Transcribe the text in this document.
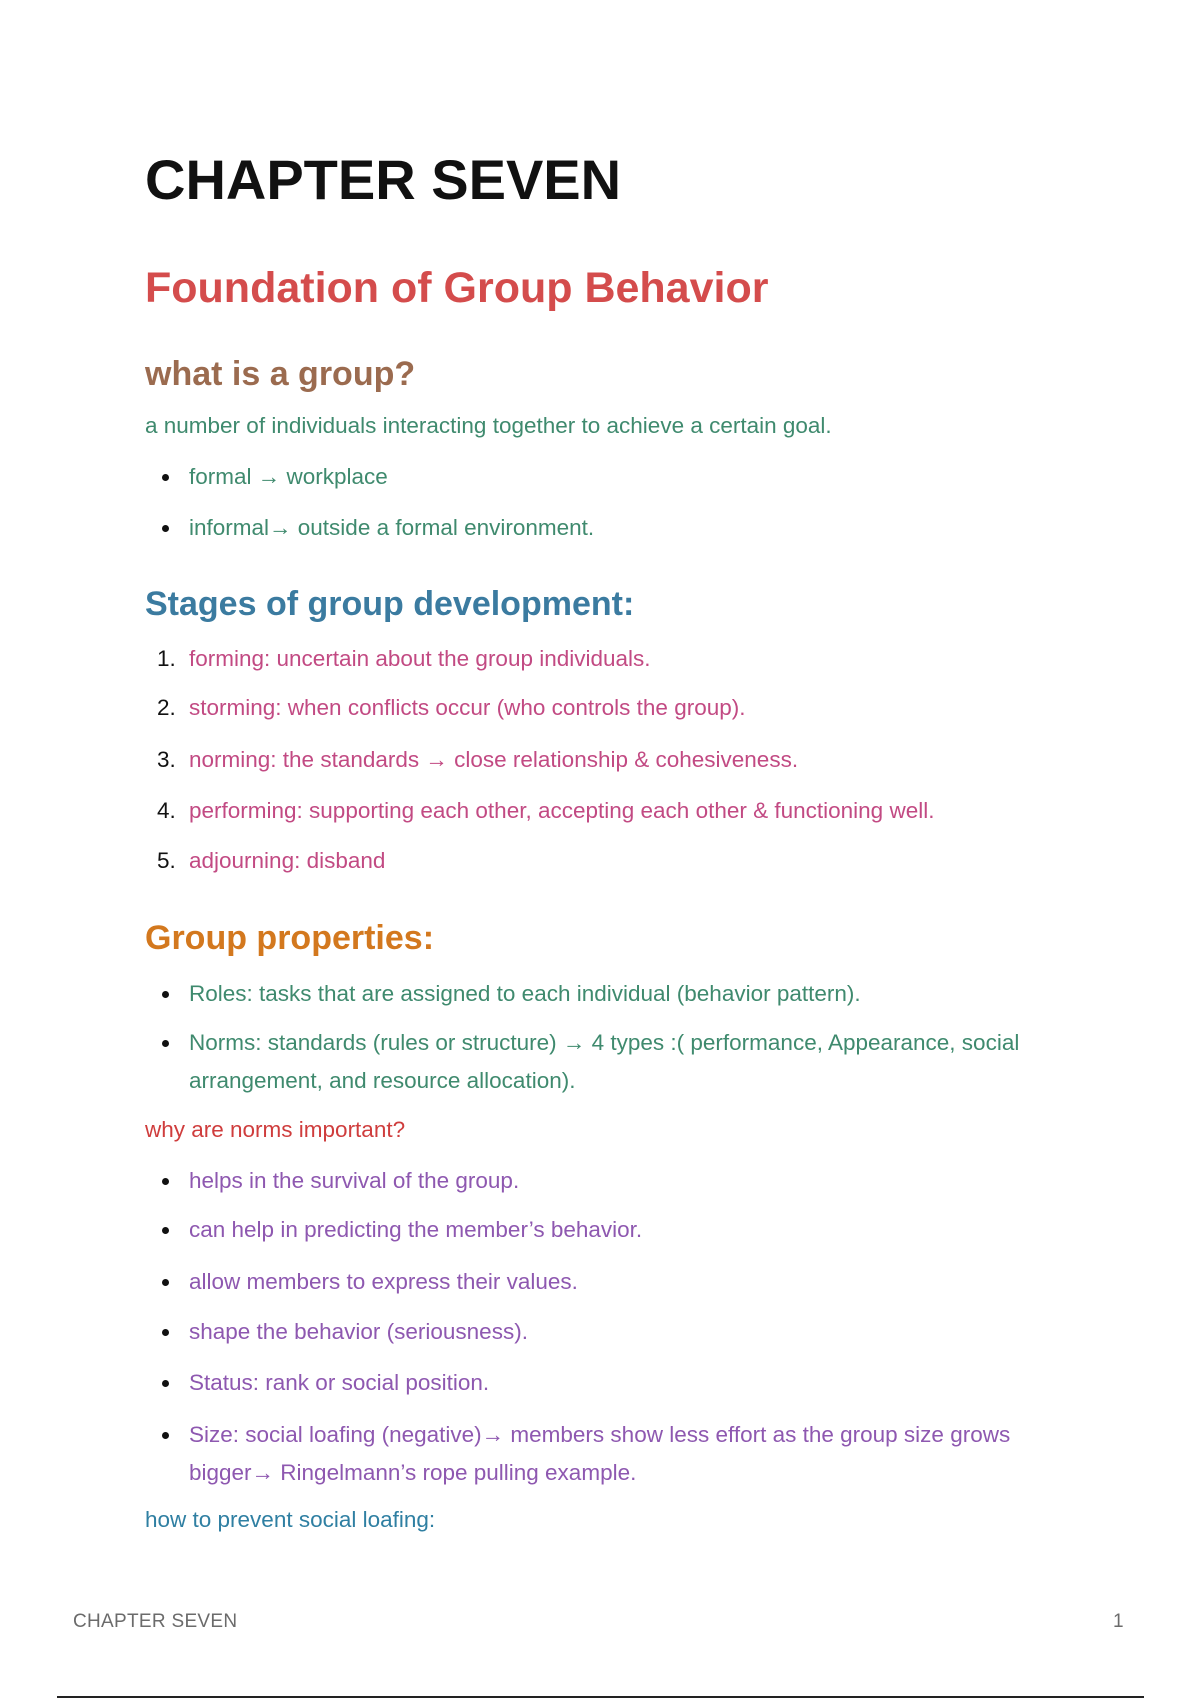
CHAPTER SEVEN
Foundation of Group Behavior
what is a group?

a number of individuals interacting together to achieve a certain goal.

formal → workplace
informal→ outside a formal environment.
Stages of group development:
1. forming: uncertain about the group individuals.
2. storming: when conflicts occur (who controls the group).
3. norming: the standards → close relationship & cohesiveness.
4. performing: supporting each other, accepting each other & functioning well.
5. adjourning: disband
Group properties:
Roles: tasks that are assigned to each individual (behavior pattern).
Norms: standards (rules or structure) → 4 types :( performance, Appearance, social arrangement, and resource allocation).

why are norms important?

helps in the survival of the group.
can help in predicting the member’s behavior.
allow members to express their values.
shape the behavior (seriousness).
Status: rank or social position.
Size: social loafing (negative)→ members show less effort as the group size grows bigger→ Ringelmann’s rope pulling example.

how to prevent social loafing:

CHAPTER SEVEN	1
